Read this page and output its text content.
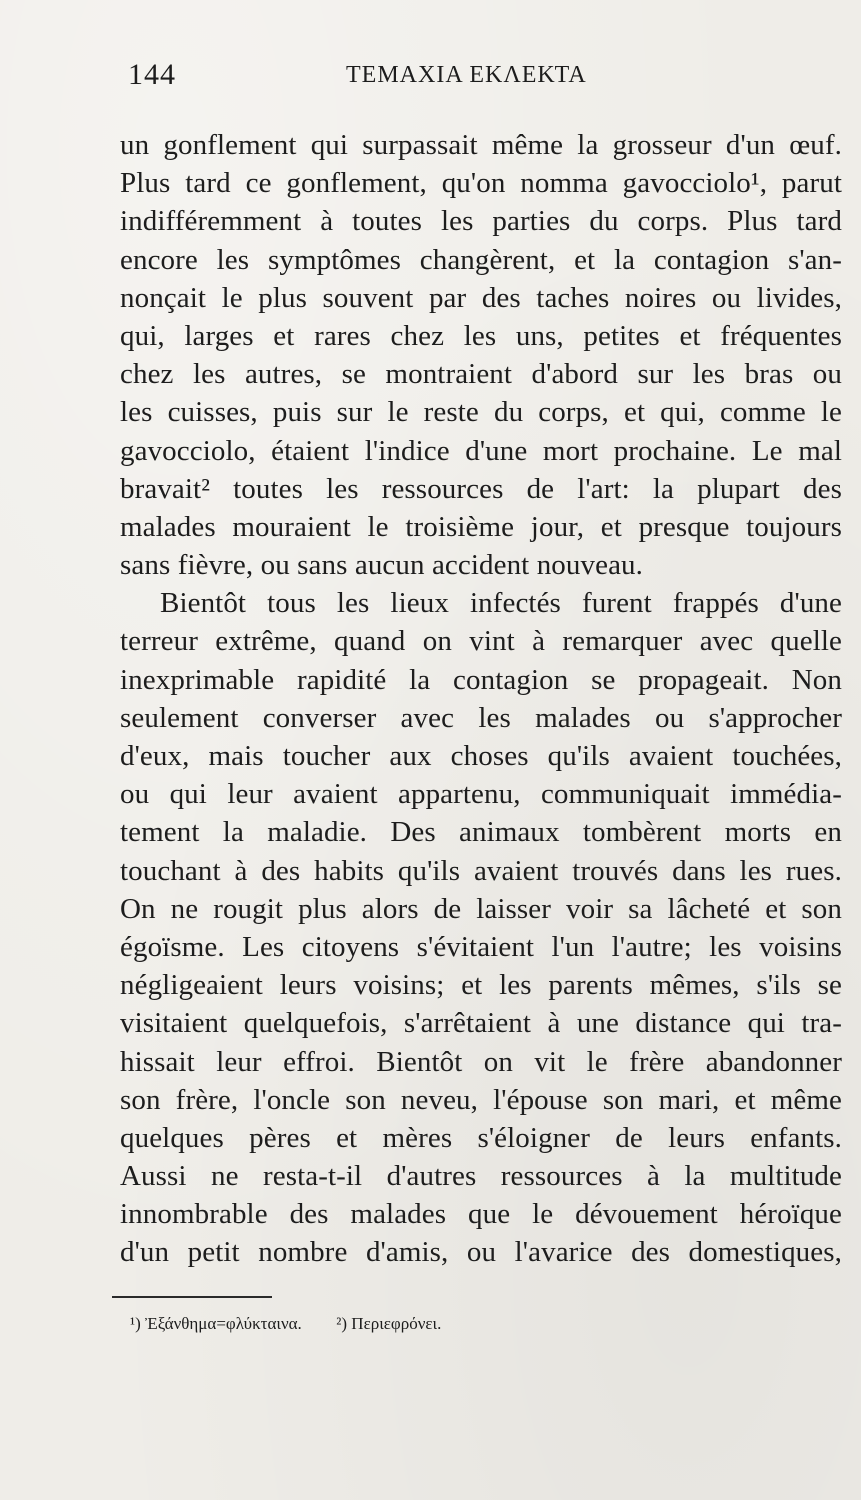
144	ΤΕΜΑΧΙΑ ΕΚΛΕΚΤΑ
un gonflement qui surpassait même la grosseur d'un œuf.
Plus tard ce gonflement, qu'on nomma gavocciolo¹, parut
indifféremment à toutes les parties du corps. Plus tard
encore les symptômes changèrent, et la contagion s'an-
nonçait le plus souvent par des taches noires ou livides,
qui, larges et rares chez les uns, petites et fréquentes
chez les autres, se montraient d'abord sur les bras ou
les cuisses, puis sur le reste du corps, et qui, comme le
gavocciolo, étaient l'indice d'une mort prochaine. Le mal
bravait² toutes les ressources de l'art: la plupart des
malades mouraient le troisième jour, et presque toujours
sans fièvre, ou sans aucun accident nouveau.
Bientôt tous les lieux infectés furent frappés d'une
terreur extrême, quand on vint à remarquer avec quelle
inexprimable rapidité la contagion se propageait. Non
seulement converser avec les malades ou s'approcher
d'eux, mais toucher aux choses qu'ils avaient touchées,
ou qui leur avaient appartenu, communiquait immédia-
tement la maladie. Des animaux tombèrent morts en
touchant à des habits qu'ils avaient trouvés dans les rues.
On ne rougit plus alors de laisser voir sa lâcheté et son
égoïsme. Les citoyens s'évitaient l'un l'autre; les voisins
négligeaient leurs voisins; et les parents mêmes, s'ils se
visitaient quelquefois, s'arrêtaient à une distance qui tra-
hissait leur effroi. Bientôt on vit le frère abandonner
son frère, l'oncle son neveu, l'épouse son mari, et même
quelques pères et mères s'éloigner de leurs enfants.
Aussi ne resta-t-il d'autres ressources à la multitude
innombrable des malades que le dévouement héroïque
d'un petit nombre d'amis, ou l'avarice des domestiques,
¹) Ἐξάνθημα=φλύκταινα. ²) Περιεφρόνει.
